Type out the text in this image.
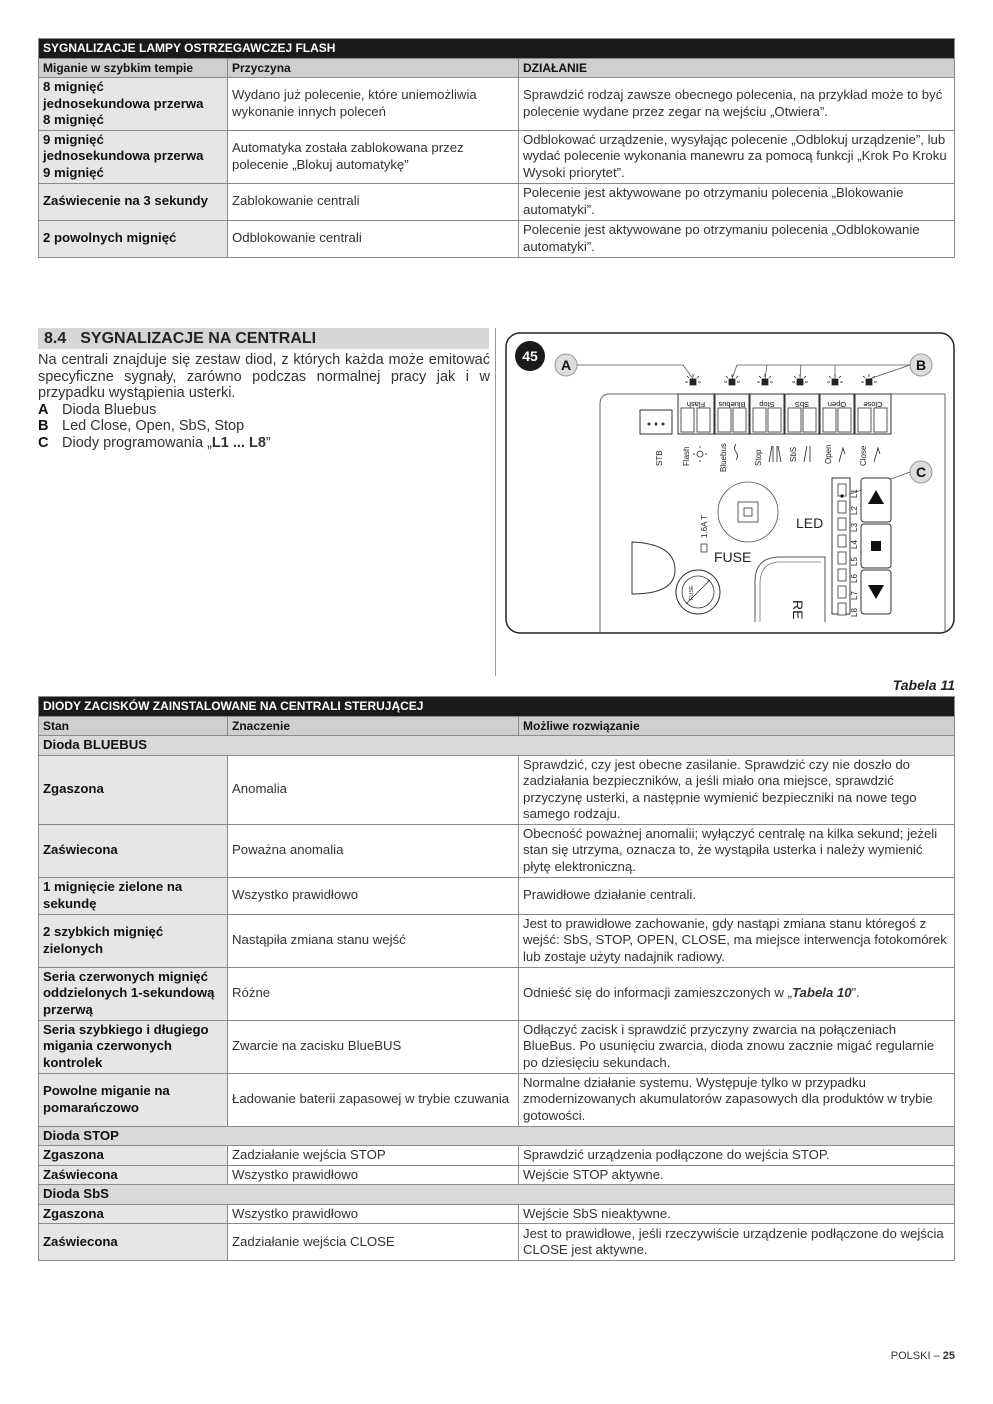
SYGNALIZACJE LAMPY OSTRZEGAWCZEJ FLASH		
Miganie w szybkim tempie	Przyczyna	DZIAŁANIE
8 mignięć
jednosekundowa przerwa
8 mignięć	Wydano już polecenie, które uniemożliwia wykonanie innych poleceń	Sprawdzić rodzaj zawsze obecnego polecenia, na przykład może to być polecenie wydane przez zegar na wejściu „Otwiera”.
9 mignięć
jednosekundowa przerwa
9 mignięć	Automatyka została zablokowana przez polecenie „Blokuj automatykę”	Odblokować urządzenie, wysyłając polecenie „Odblokuj urządzenie”, lub wydać polecenie wykonania manewru za pomocą funkcji „Krok Po Kroku Wysoki priorytet”.
Zaświecenie na 3 sekundy	Zablokowanie centrali	Polecenie jest aktywowane po otrzymaniu polecenia „Blokowanie automatyki”.
2 powolnych mignięć	Odblokowanie centrali	Polecenie jest aktywowane po otrzymaniu polecenia „Odblokowanie automatyki”.
8.4 SYGNALIZACJE NA CENTRALI
Na centrali znajduje się zestaw diod, z których każda może emitować specyficzne sygnały, zarówno podczas normalnej pracy jak i w przypadku wystąpienia usterki.
A Dioda Bluebus
B Led Close, Open, SbS, Stop
C Diody programowania „L1 ... L8”
45
A	B
C
Flash Bluebus Stop	SbS Open Close
STB Flash	Bluebus	Stop	SbS	Open	Close
LED
1.6A T
FUSE
FUSE
RE
L1
L2
L3
L4
L5
L6
L7
L8
Tabela 11
DIODY ZACISKÓW ZAINSTALOWANE NA CENTRALI STERUJĄCEJ		
Stan	Znaczenie	Możliwe rozwiązanie
Dioda BLUEBUS		
Zgaszona	Anomalia	Sprawdzić, czy jest obecne zasilanie. Sprawdzić czy nie doszło do zadziałania bezpieczników, a jeśli miało ona miejsce, sprawdzić przyczynę usterki, a następnie wymienić bezpieczniki na nowe tego samego rodzaju.
Zaświecona	Poważna anomalia	Obecność poważnej anomalii; wyłączyć centralę na kilka sekund; jeżeli stan się utrzyma, oznacza to, że wystąpiła usterka i należy wymienić płytę elektroniczną.
1 mignięcie zielone na sekundę	Wszystko prawidłowo	Prawidłowe działanie centrali.
2 szybkich mignięć zielonych	Nastąpiła zmiana stanu wejść	Jest to prawidłowe zachowanie, gdy nastąpi zmiana stanu któregoś z wejść: SbS, STOP, OPEN, CLOSE, ma miejsce interwencja fotokomórek lub zostaje użyty nadajnik radiowy.
Seria czerwonych mignięć oddzielonych 1-sekundową przerwą	Różne	Odnieść się do informacji zamieszczonych w „Tabela 10”.
Seria szybkiego i długiego migania czerwonych kontrolek	Zwarcie na zacisku BlueBUS	Odłączyć zacisk i sprawdzić przyczyny zwarcia na połączeniach BlueBus. Po usunięciu zwarcia, dioda znowu zacznie migać regularnie po dziesięciu sekundach.
Powolne miganie na pomarańczowo	Ładowanie baterii zapasowej w trybie czuwania	Normalne działanie systemu. Występuje tylko w przypadku zmodernizowanych akumulatorów zapasowych dla produktów w trybie gotowości.
Dioda STOP		
Zgaszona	Zadziałanie wejścia STOP	Sprawdzić urządzenia podłączone do wejścia STOP.
Zaświecona	Wszystko prawidłowo	Wejście STOP aktywne.
Dioda SbS		
Zgaszona	Wszystko prawidłowo	Wejście SbS nieaktywne.
Zaświecona	Zadziałanie wejścia CLOSE	Jest to prawidłowe, jeśli rzeczywiście urządzenie podłączone do wejścia CLOSE jest aktywne.
POLSKI – 25
